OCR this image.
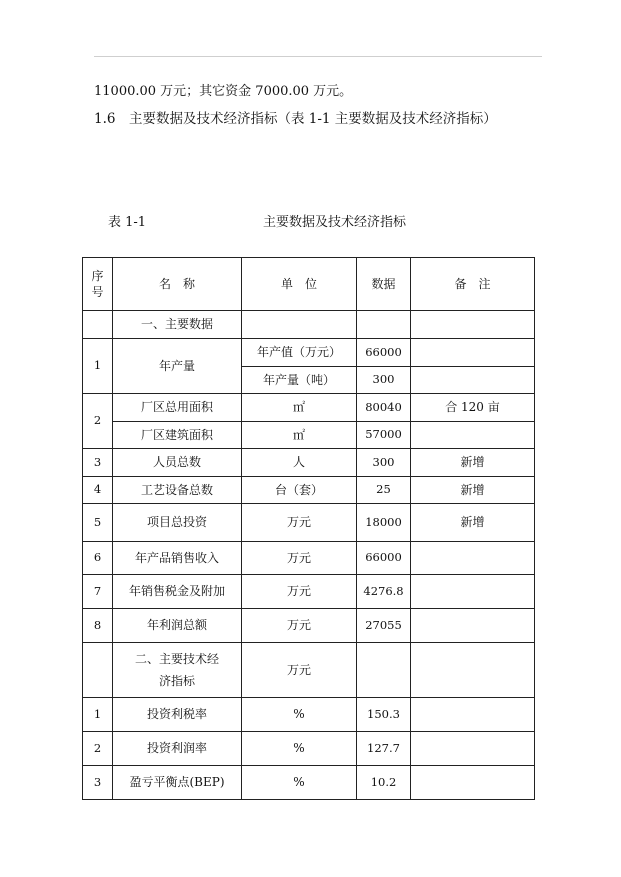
11000.00 万元；其它资金 7000.00 万元。
1.6　主要数据及技术经济指标（表 1-1 主要数据及技术经济指标）
表 1-1	主要数据及技术经济指标
序号	名　称	单　位	数据	备　注
	一、主要数据			
1	年产量	年产值（万元）	66000	
		年产量（吨）	300	
2	厂区总用面积	㎡	80040	合 120 亩
	厂区建筑面积	㎡	57000	
3	人员总数	人	300	新增
4	工艺设备总数	台（套）	25	新增
5	项目总投资	万元	18000	新增
6	年产品销售收入	万元	66000	
7	年销售税金及附加	万元	4276.8	
8	年利润总额	万元	27055	
	二、主要技术经济指标	万元		
1	投资利税率	%	150.3	
2	投资利润率	%	127.7	
3	盈亏平衡点(BEP)	%	10.2	
